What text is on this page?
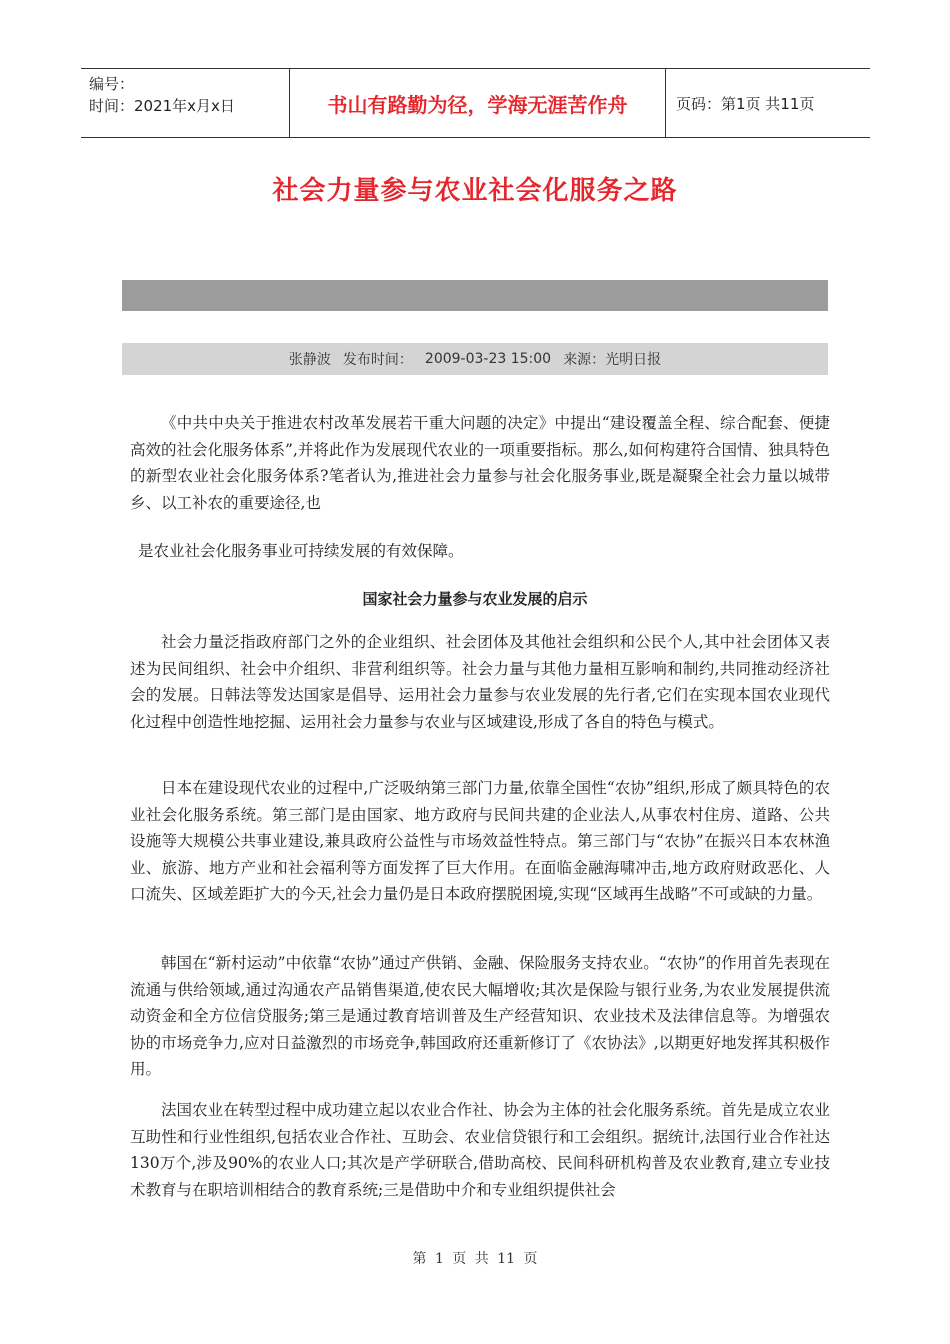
编号：
时间：2021年x月x日	书山有路勤为径，学海无涯苦作舟	页码：第1页 共11页
社会力量参与农业社会化服务之路
张静波 发布时间： 2009-03-23 15:00 来源：光明日报

《中共中央关于推进农村改革发展若干重大问题的决定》中提出“建设覆盖全程、综合配套、便捷高效的社会化服务体系”,并将此作为发展现代农业的一项重要指标。那么,如何构建符合国情、独具特色的新型农业社会化服务体系?笔者认为,推进社会力量参与社会化服务事业,既是凝聚全社会力量以城带乡、以工补农的重要途径,也

是农业社会化服务事业可持续发展的有效保障。

国家社会力量参与农业发展的启示

社会力量泛指政府部门之外的企业组织、社会团体及其他社会组织和公民个人,其中社会团体又表述为民间组织、社会中介组织、非营利组织等。社会力量与其他力量相互影响和制约,共同推动经济社会的发展。日韩法等发达国家是倡导、运用社会力量参与农业发展的先行者,它们在实现本国农业现代化过程中创造性地挖掘、运用社会力量参与农业与区域建设,形成了各自的特色与模式。

日本在建设现代农业的过程中,广泛吸纳第三部门力量,依靠全国性“农协”组织,形成了颇具特色的农业社会化服务系统。第三部门是由国家、地方政府与民间共建的企业法人,从事农村住房、道路、公共设施等大规模公共事业建设,兼具政府公益性与市场效益性特点。第三部门与“农协”在振兴日本农林渔业、旅游、地方产业和社会福利等方面发挥了巨大作用。在面临金融海啸冲击,地方政府财政恶化、人口流失、区域差距扩大的今天,社会力量仍是日本政府摆脱困境,实现“区域再生战略”不可或缺的力量。

韩国在“新村运动”中依靠“农协”通过产供销、金融、保险服务支持农业。“农协”的作用首先表现在流通与供给领域,通过沟通农产品销售渠道,使农民大幅增收;其次是保险与银行业务,为农业发展提供流动资金和全方位信贷服务;第三是通过教育培训普及生产经营知识、农业技术及法律信息等。为增强农协的市场竞争力,应对日益激烈的市场竞争,韩国政府还重新修订了《农协法》,以期更好地发挥其积极作用。

法国农业在转型过程中成功建立起以农业合作社、协会为主体的社会化服务系统。首先是成立农业互助性和行业性组织,包括农业合作社、互助会、农业信贷银行和工会组织。据统计,法国行业合作社达130万个,涉及90%的农业人口;其次是产学研联合,借助高校、民间科研机构普及农业教育,建立专业技术教育与在职培训相结合的教育系统;三是借助中介和专业组织提供社会

第 1 页 共 11 页
